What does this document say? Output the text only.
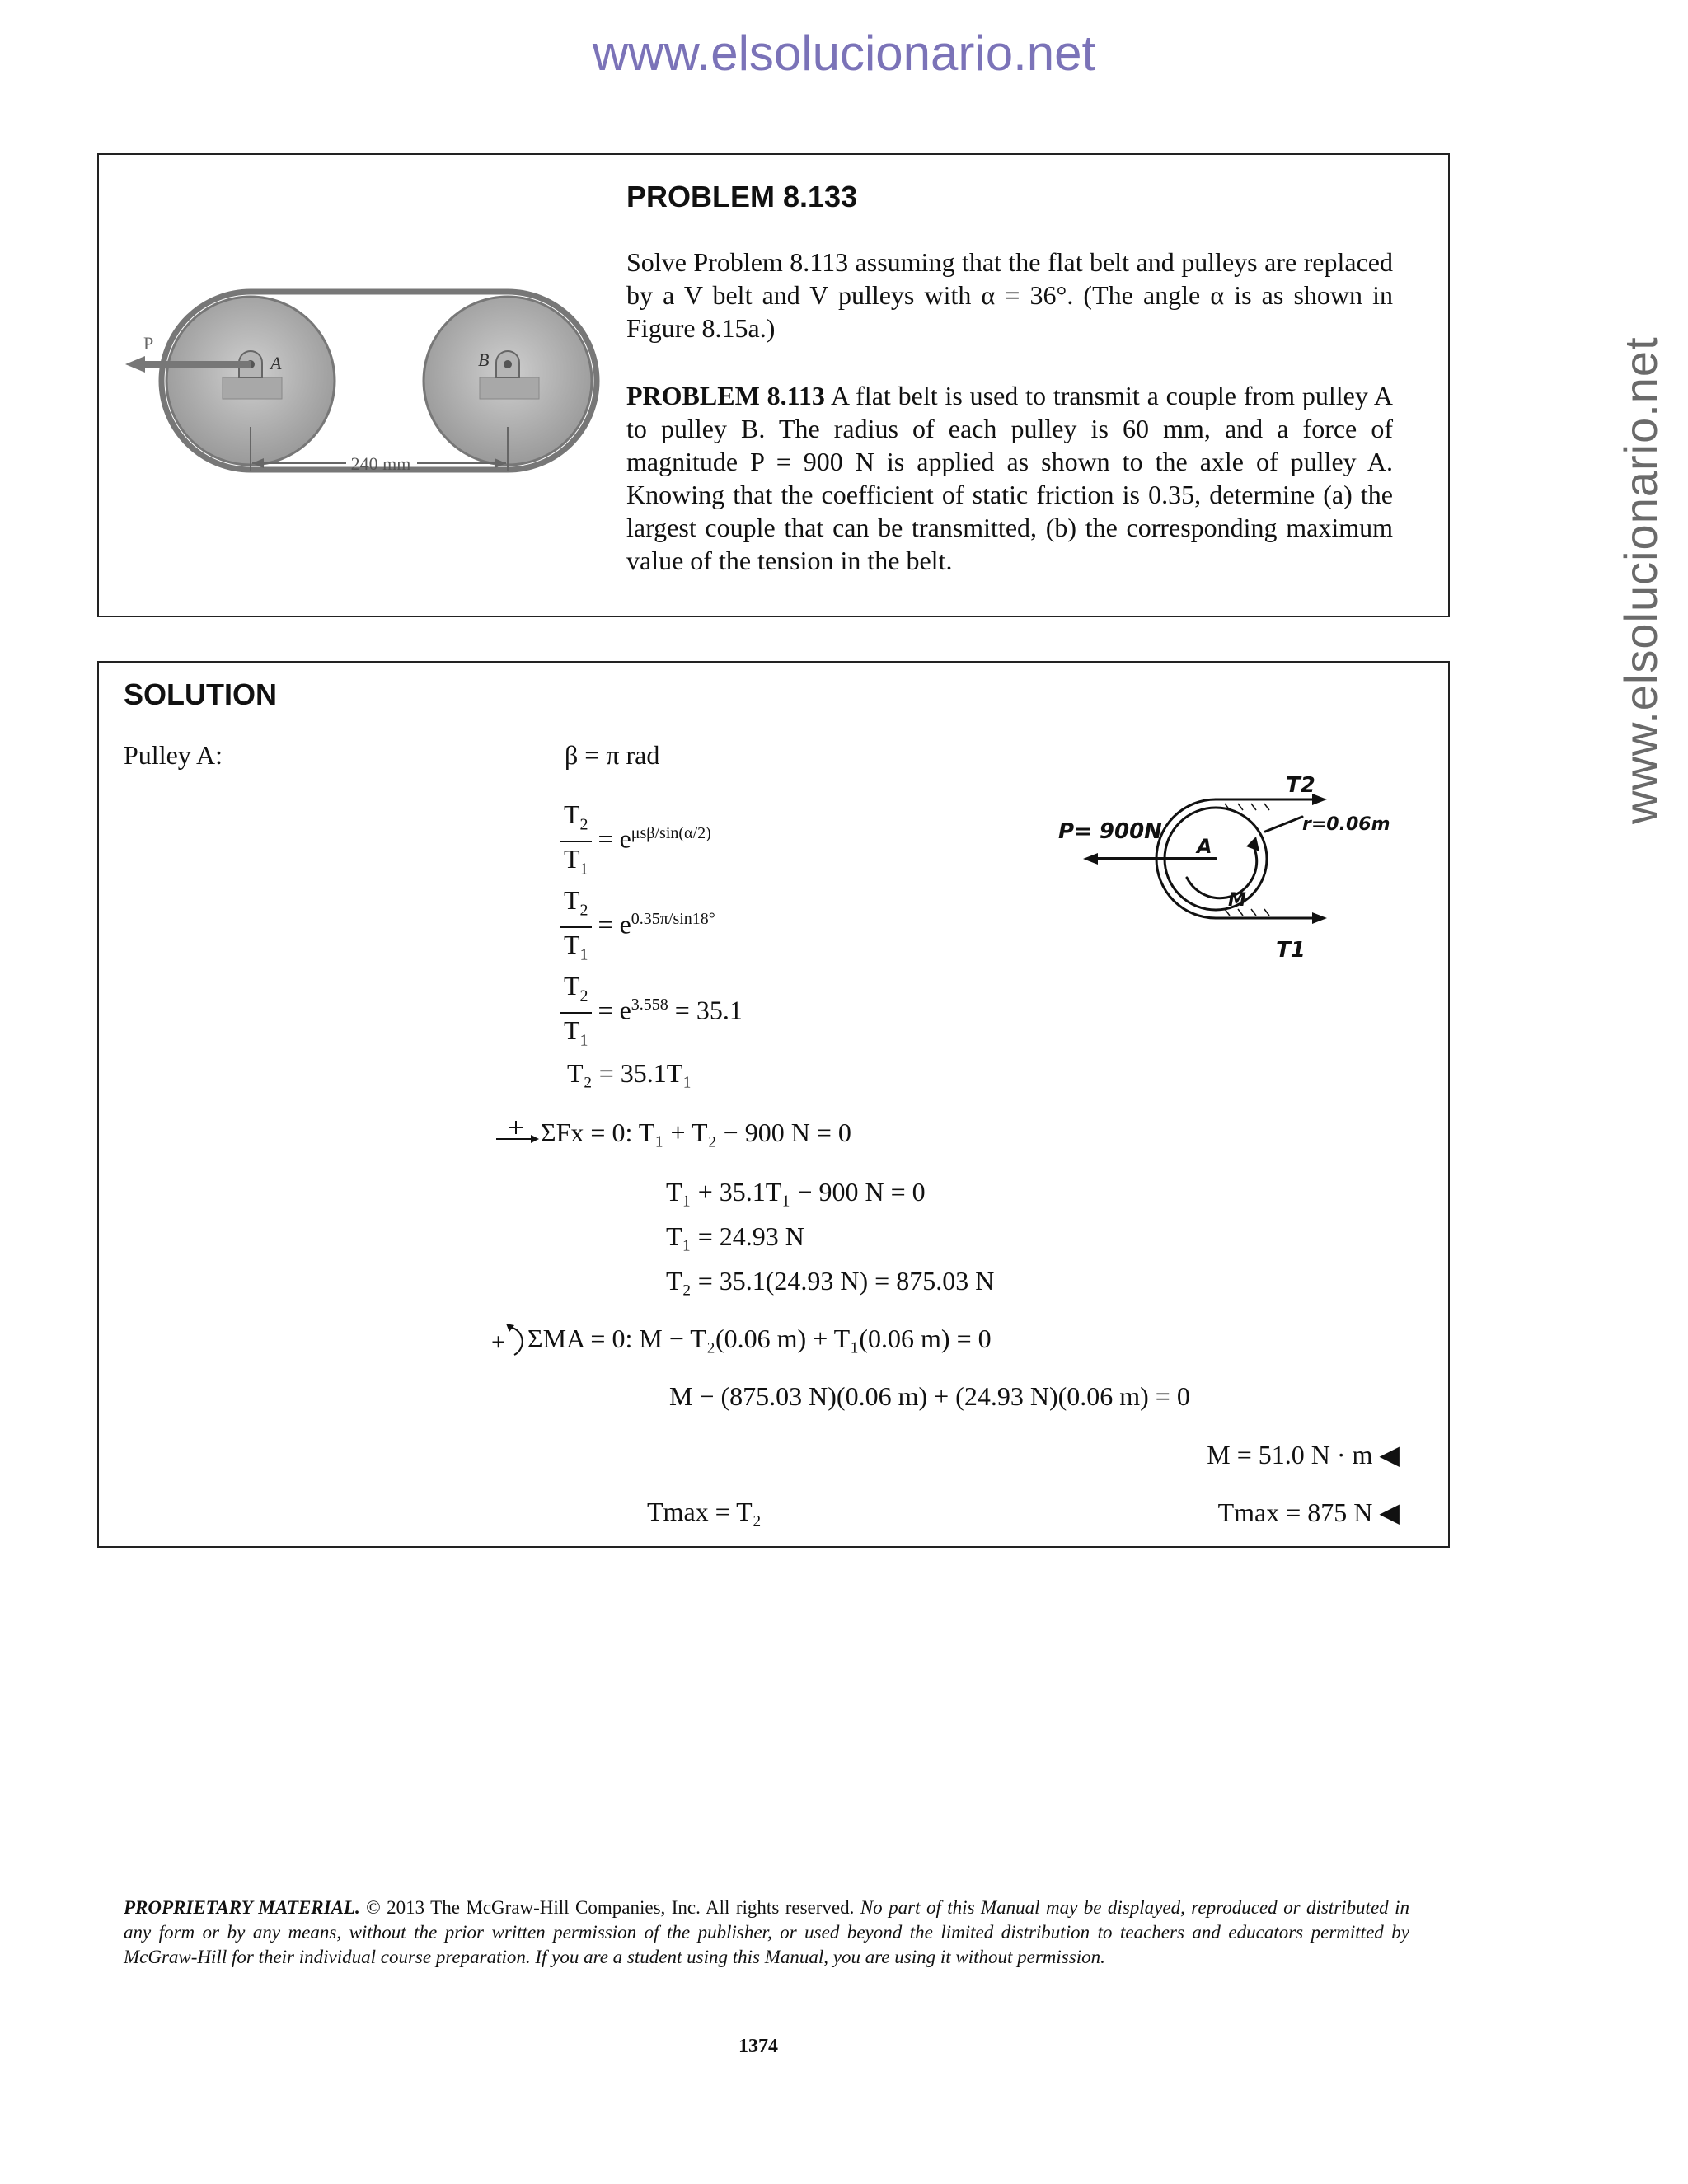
www.elsolucionario.net
www.elsolucionario.net
P
A	B
240 mm
PROBLEM 8.133
Solve Problem 8.113 assuming that the flat belt and pulleys are replaced by a V belt and V pulleys with α = 36°. (The angle α is as shown in Figure 8.15a.)
PROBLEM 8.113 A flat belt is used to transmit a couple from pulley A to pulley B. The radius of each pulley is 60 mm, and a force of magnitude P = 900 N is applied as shown to the axle of pulley A. Knowing that the coefficient of static friction is 0.35, determine (a) the largest couple that can be transmitted, (b) the corresponding maximum value of the tension in the belt.
SOLUTION
Pulley A:	β = π rad
$\frac{T_2}{T_1} = e^{\mu s\beta/sin(\alpha/2)}$
$\frac{T_2}{T_1} = e^{0.35\pi/sin18^\circ}$
$\frac{T_2}{T_1} = e^{3.558} = 35.1$
T₂ = 35.1T₁
ΣFx = 0: T₁ + T₂ − 900 N = 0
T₁ + 35.1T₁ − 900 N = 0
T₁ = 24.93 N
T₂ = 35.1(24.93 N) = 875.03 N
+ ΣMA = 0: M − T₂(0.06 m) + T₁(0.06 m) = 0
M − (875.03 N)(0.06 m) + (24.93 N)(0.06 m) = 0
M = 51.0 N · m ◀
Tmax = T₂	Tmax = 875 N ◀
P= 900N
T2
T1
r=0.06m
A
M
PROPRIETARY MATERIAL. © 2013 The McGraw-Hill Companies, Inc. All rights reserved. No part of this Manual may be displayed, reproduced or distributed in any form or by any means, without the prior written permission of the publisher, or used beyond the limited distribution to teachers and educators permitted by McGraw-Hill for their individual course preparation. If you are a student using this Manual, you are using it without permission.
1374
